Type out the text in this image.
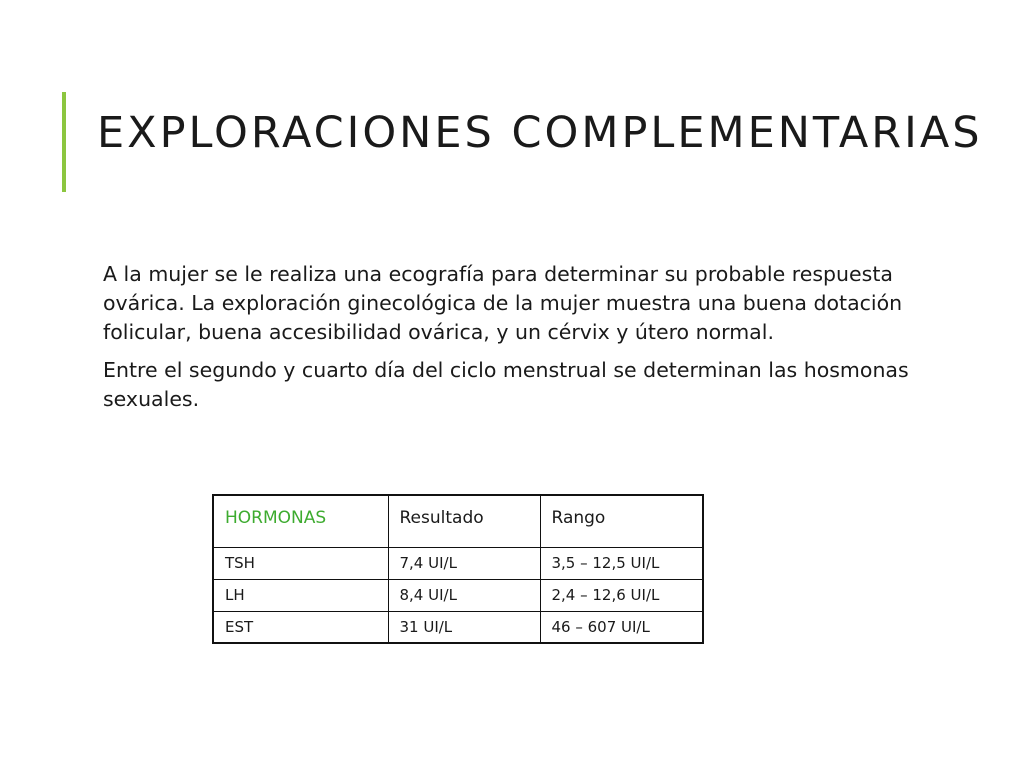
EXPLORACIONES COMPLEMENTARIAS

A la mujer se le realiza una ecografía para determinar su probable respuesta ovárica. La exploración ginecológica de la mujer muestra una buena dotación folicular, buena accesibilidad ovárica, y un cérvix y útero normal.

Entre el segundo y cuarto día del ciclo menstrual se determinan las hosmonas sexuales.

HORMONAS	Resultado	Rango
TSH	7,4 UI/L	3,5 – 12,5 UI/L
LH	8,4 UI/L	2,4 – 12,6 UI/L
EST	31 UI/L	46 – 607 UI/L
